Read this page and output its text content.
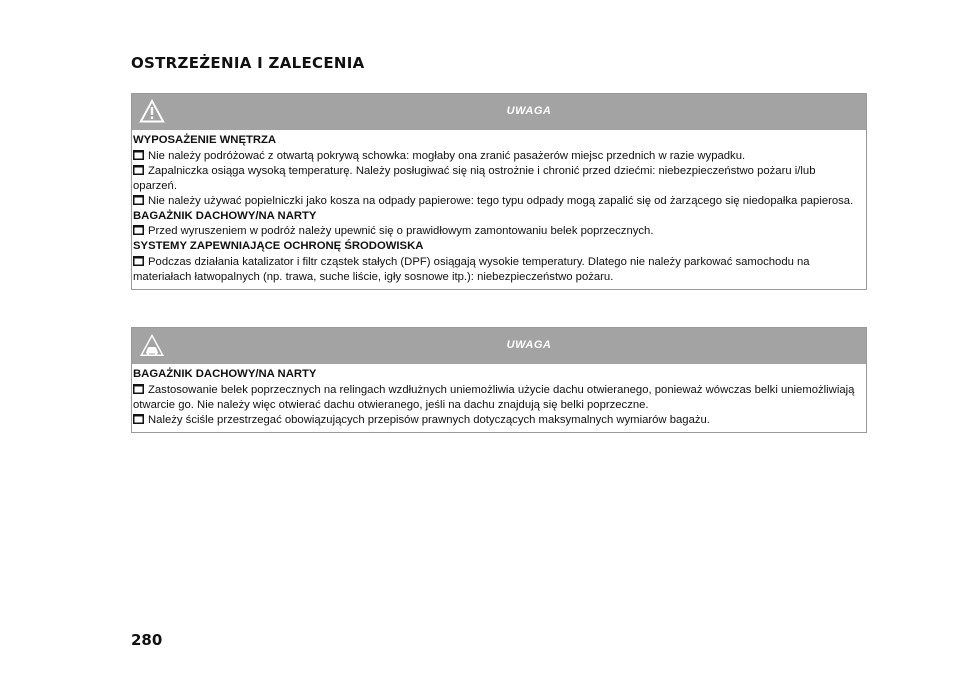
OSTRZEŻENIA I ZALECENIA
UWAGA
WYPOSAŻENIE WNĘTRZA
Nie należy podróżować z otwartą pokrywą schowka: mogłaby ona zranić pasażerów miejsc przednich w razie wypadku.
Zapalniczka osiąga wysoką temperaturę. Należy posługiwać się nią ostrożnie i chronić przed dziećmi: niebezpieczeństwo pożaru i/lub oparzeń.
Nie należy używać popielniczki jako kosza na odpady papierowe: tego typu odpady mogą zapalić się od żarzącego się niedopałka papierosa.
BAGAŻNIK DACHOWY/NA NARTY
Przed wyruszeniem w podróż należy upewnić się o prawidłowym zamontowaniu belek poprzecznych.
SYSTEMY ZAPEWNIAJĄCE OCHRONĘ ŚRODOWISKA
Podczas działania katalizator i filtr cząstek stałych (DPF) osiągają wysokie temperatury. Dlatego nie należy parkować samochodu na materiałach łatwopalnych (np. trawa, suche liście, igły sosnowe itp.): niebezpieczeństwo pożaru.
UWAGA
BAGAŻNIK DACHOWY/NA NARTY
Zastosowanie belek poprzecznych na relingach wzdłużnych uniemożliwia użycie dachu otwieranego, ponieważ wówczas belki uniemożliwiają otwarcie go. Nie należy więc otwierać dachu otwieranego, jeśli na dachu znajdują się belki poprzeczne.
Należy ściśle przestrzegać obowiązujących przepisów prawnych dotyczących maksymalnych wymiarów bagażu.
280
